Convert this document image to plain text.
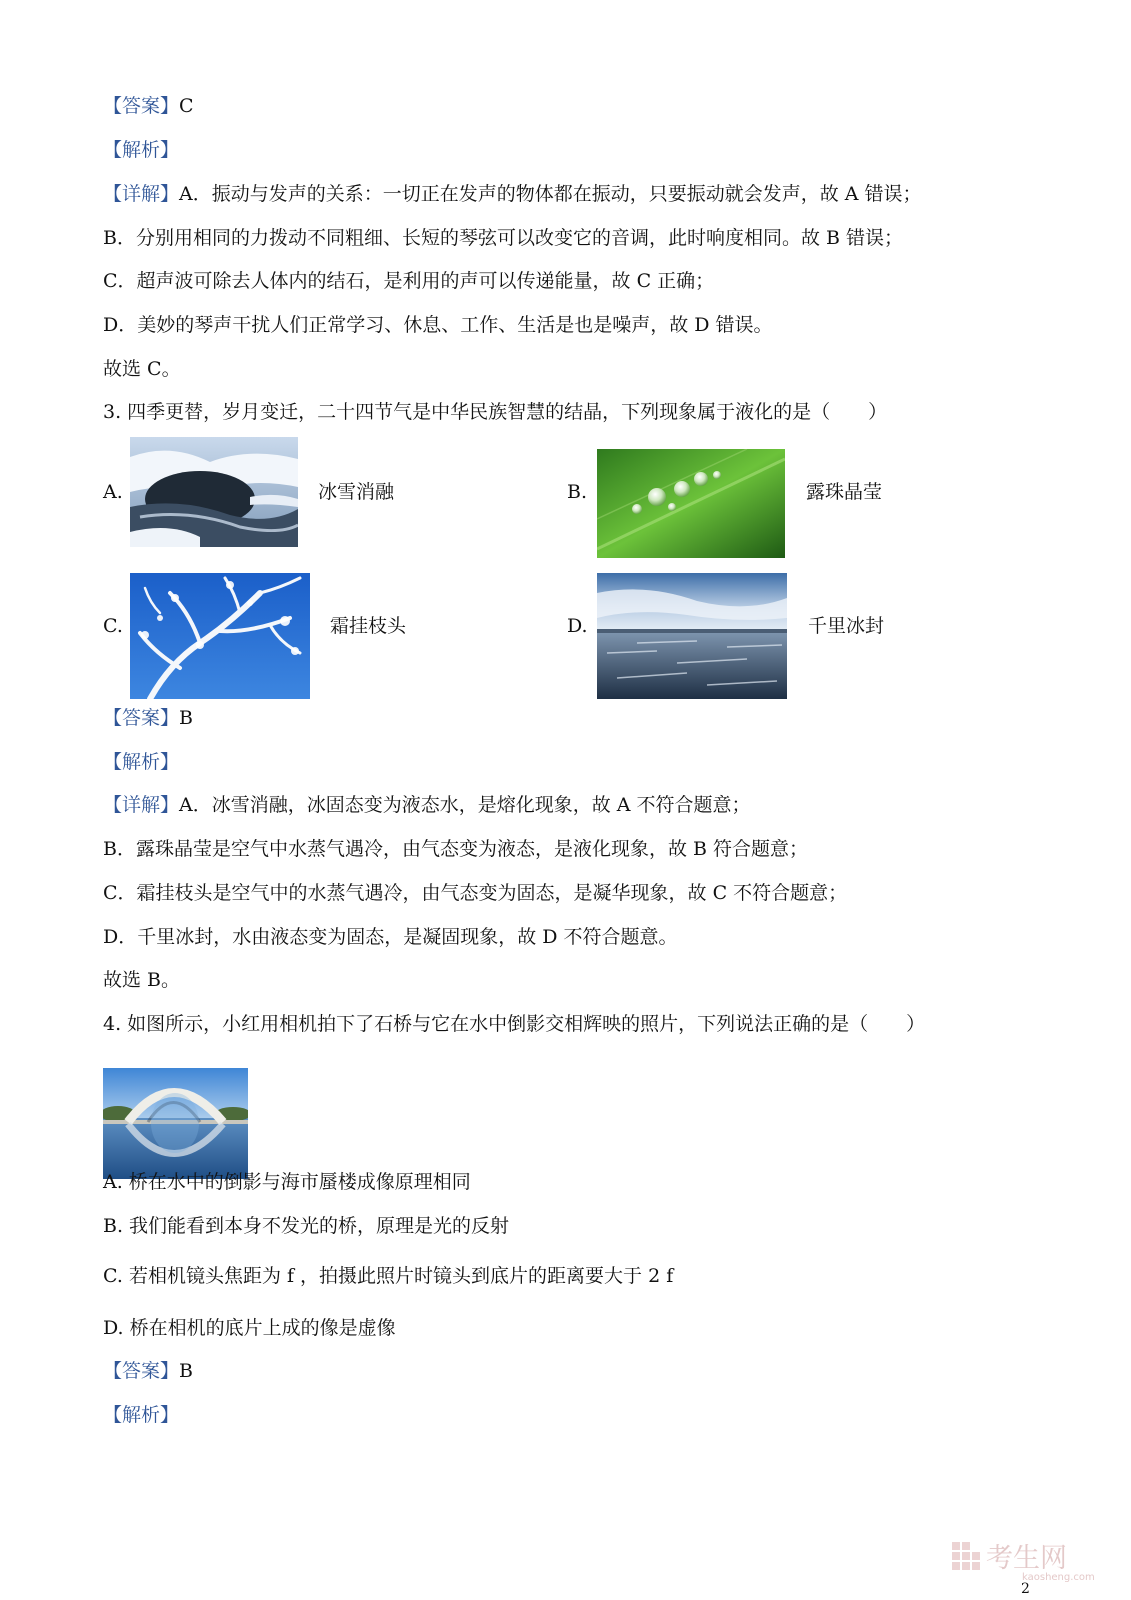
【答案】C
【解析】
【详解】A．振动与发声的关系：一切正在发声的物体都在振动，只要振动就会发声，故 A 错误；
B．分别用相同的力拨动不同粗细、长短的琴弦可以改变它的音调，此时响度相同。故 B 错误；
C．超声波可除去人体内的结石，是利用的声可以传递能量，故 C 正确；
D．美妙的琴声干扰人们正常学习、休息、工作、生活是也是噪声，故 D 错误。
故选 C。
3. 四季更替，岁月变迁，二十四节气是中华民族智慧的结晶，下列现象属于液化的是（　　）
A.	冰雪消融	B.	露珠晶莹
C.	霜挂枝头	D.	千里冰封
【答案】B
【解析】
【详解】A．冰雪消融，冰固态变为液态水，是熔化现象，故 A 不符合题意；
B．露珠晶莹是空气中水蒸气遇冷，由气态变为液态，是液化现象，故 B 符合题意；
C．霜挂枝头是空气中的水蒸气遇冷，由气态变为固态，是凝华现象，故 C 不符合题意；
D．千里冰封，水由液态变为固态，是凝固现象，故 D 不符合题意。
故选 B。
4. 如图所示，小红用相机拍下了石桥与它在水中倒影交相辉映的照片，下列说法正确的是（　　）
A. 桥在水中的倒影与海市蜃楼成像原理相同
B. 我们能看到本身不发光的桥，原理是光的反射
C. 若相机镜头焦距为 f ，拍摄此照片时镜头到底片的距离要大于 2 f
D. 桥在相机的底片上成的像是虚像
【答案】B
【解析】
考生网
kaosheng.com
2
